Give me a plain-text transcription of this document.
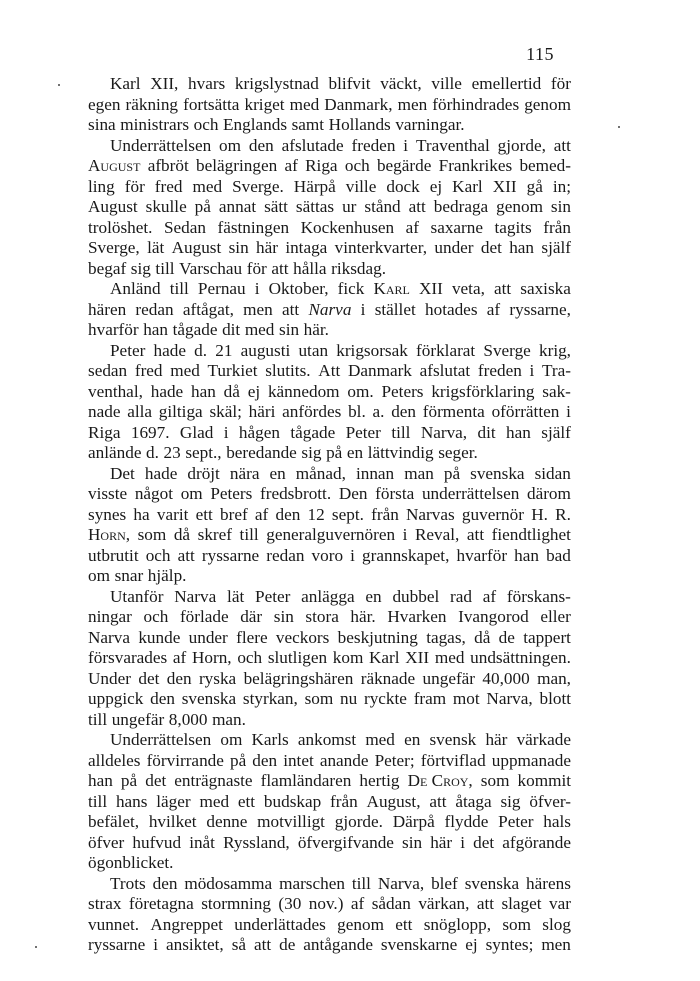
115
Karl XII, hvars krigslystnad blifvit väckt, ville emellertid för
egen räkning fortsätta kriget med Danmark, men förhindrades genom
sina ministrars och Englands samt Hollands varningar.
Underrättelsen om den afslutade freden i Traventhal gjorde, att
August afbröt belägringen af Riga och begärde Frankrikes bemed-
ling för fred med Sverge. Härpå ville dock ej Karl XII gå in;
August skulle på annat sätt sättas ur stånd att bedraga genom sin
trolöshet. Sedan fästningen Kockenhusen af saxarne tagits från
Sverge, lät August sin här intaga vinterkvarter, under det han själf
begaf sig till Varschau för att hålla riksdag.
Anländ till Pernau i Oktober, fick Karl XII veta, att saxiska
hären redan aftågat, men att Narva i stället hotades af ryssarne,
hvarför han tågade dit med sin här.
Peter hade d. 21 augusti utan krigsorsak förklarat Sverge krig,
sedan fred med Turkiet slutits. Att Danmark afslutat freden i Tra-
venthal, hade han då ej kännedom om. Peters krigsförklaring sak-
nade alla giltiga skäl; häri anfördes bl. a. den förmenta oförrätten i
Riga 1697. Glad i hågen tågade Peter till Narva, dit han själf
anlände d. 23 sept., beredande sig på en lättvindig seger.
Det hade dröjt nära en månad, innan man på svenska sidan
visste något om Peters fredsbrott. Den första underrättelsen därom
synes ha varit ett bref af den 12 sept. från Narvas guvernör H. R.
Horn, som då skref till generalguvernören i Reval, att fiendtlighet
utbrutit och att ryssarne redan voro i grannskapet, hvarför han bad
om snar hjälp.
Utanför Narva lät Peter anlägga en dubbel rad af förskans-
ningar och förlade där sin stora här. Hvarken Ivangorod eller
Narva kunde under flere veckors beskjutning tagas, då de tappert
försvarades af Horn, och slutligen kom Karl XII med undsättningen.
Under det den ryska belägringshären räknade ungefär 40,000 man,
uppgick den svenska styrkan, som nu ryckte fram mot Narva, blott
till ungefär 8,000 man.
Underrättelsen om Karls ankomst med en svensk här värkade
alldeles förvirrande på den intet anande Peter; förtviflad uppmanade
han på det enträgnaste flamländaren hertig De Croy, som kommit
till hans läger med ett budskap från August, att åtaga sig öfver-
befälet, hvilket denne motvilligt gjorde. Därpå flydde Peter hals
öfver hufvud inåt Ryssland, öfvergifvande sin här i det afgörande
ögonblicket.
Trots den mödosamma marschen till Narva, blef svenska härens
strax företagna stormning (30 nov.) af sådan värkan, att slaget var
vunnet. Angreppet underlättades genom ett snöglopp, som slog
ryssarne i ansiktet, så att de antågande svenskarne ej syntes; men
